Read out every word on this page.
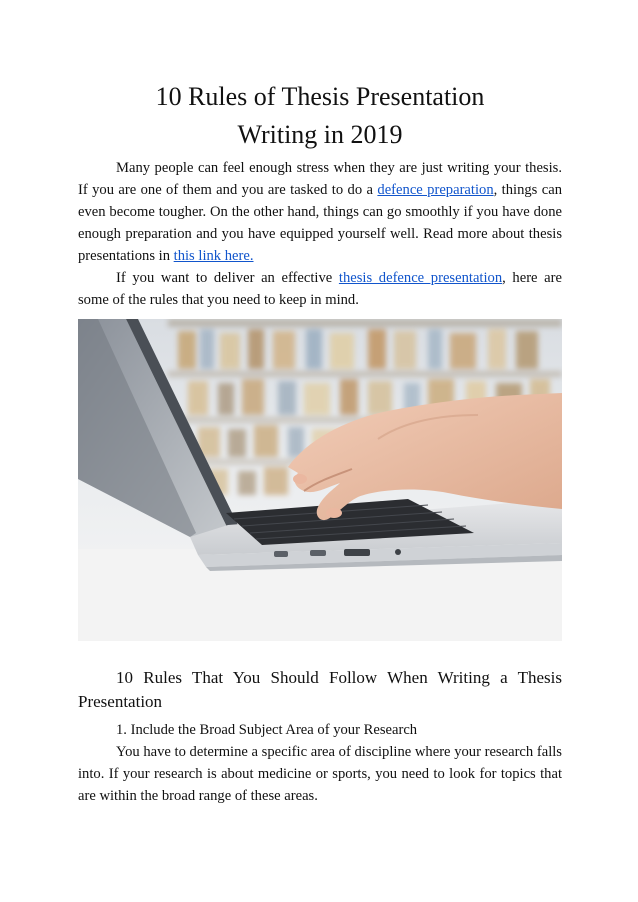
10 Rules of Thesis Presentation
Writing in 2019

Many people can feel enough stress when they are just writing your thesis. If you are one of them and you are tasked to do a defence preparation, things can even become tougher. On the other hand, things can go smoothly if you have done enough preparation and you have equipped yourself well. Read more about thesis presentations in this link here.

If you want to deliver an effective thesis defence presentation, here are some of the rules that you need to keep in mind.

10 Rules That You Should Follow When Writing a Thesis Presentation
1. Include the Broad Subject Area of your Research

You have to determine a specific area of discipline where your research falls into. If your research is about medicine or sports, you need to look for topics that are within the broad range of these areas.
